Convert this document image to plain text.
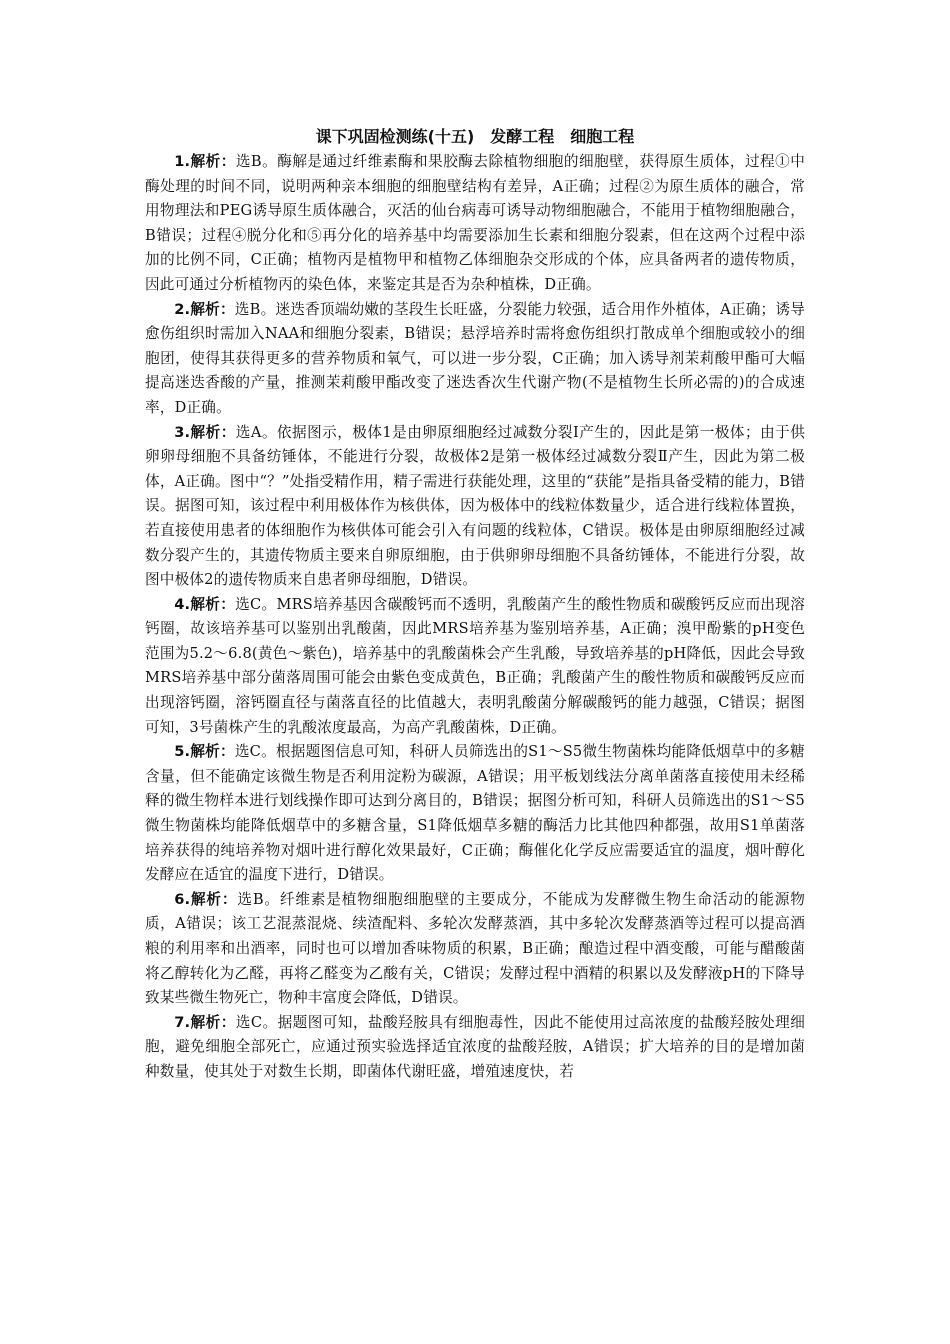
课下巩固检测练(十五)　发酵工程　细胞工程

1.解析：选B。酶解是通过纤维素酶和果胶酶去除植物细胞的细胞壁，获得原生质体，过程①中酶处理的时间不同，说明两种亲本细胞的细胞壁结构有差异，A正确；过程②为原生质体的融合，常用物理法和PEG诱导原生质体融合，灭活的仙台病毒可诱导动物细胞融合，不能用于植物细胞融合，B错误；过程④脱分化和⑤再分化的培养基中均需要添加生长素和细胞分裂素，但在这两个过程中添加的比例不同，C正确；植物丙是植物甲和植物乙体细胞杂交形成的个体，应具备两者的遗传物质，因此可通过分析植物丙的染色体，来鉴定其是否为杂种植株，D正确。

2.解析：选B。迷迭香顶端幼嫩的茎段生长旺盛，分裂能力较强，适合用作外植体，A正确；诱导愈伤组织时需加入NAA和细胞分裂素，B错误；悬浮培养时需将愈伤组织打散成单个细胞或较小的细胞团，使得其获得更多的营养物质和氧气，可以进一步分裂，C正确；加入诱导剂茉莉酸甲酯可大幅提高迷迭香酸的产量，推测茉莉酸甲酯改变了迷迭香次生代谢产物(不是植物生长所必需的)的合成速率，D正确。

3.解析：选A。依据图示，极体1是由卵原细胞经过减数分裂Ⅰ产生的，因此是第一极体；由于供卵卵母细胞不具备纺锤体，不能进行分裂，故极体2是第一极体经过减数分裂Ⅱ产生，因此为第二极体，A正确。图中“？”处指受精作用，精子需进行获能处理，这里的“获能”是指具备受精的能力，B错误。据图可知，该过程中利用极体作为核供体，因为极体中的线粒体数量少，适合进行线粒体置换，若直接使用患者的体细胞作为核供体可能会引入有问题的线粒体，C错误。极体是由卵原细胞经过减数分裂产生的，其遗传物质主要来自卵原细胞，由于供卵卵母细胞不具备纺锤体，不能进行分裂，故图中极体2的遗传物质来自患者卵母细胞，D错误。

4.解析：选C。MRS培养基因含碳酸钙而不透明，乳酸菌产生的酸性物质和碳酸钙反应而出现溶钙圈，故该培养基可以鉴别出乳酸菌，因此MRS培养基为鉴别培养基，A正确；溴甲酚紫的pH变色范围为5.2～6.8(黄色～紫色)，培养基中的乳酸菌株会产生乳酸，导致培养基的pH降低，因此会导致MRS培养基中部分菌落周围可能会由紫色变成黄色，B正确；乳酸菌产生的酸性物质和碳酸钙反应而出现溶钙圈，溶钙圈直径与菌落直径的比值越大，表明乳酸菌分解碳酸钙的能力越强，C错误；据图可知，3号菌株产生的乳酸浓度最高，为高产乳酸菌株，D正确。

5.解析：选C。根据题图信息可知，科研人员筛选出的S1～S5微生物菌株均能降低烟草中的多糖含量，但不能确定该微生物是否利用淀粉为碳源，A错误；用平板划线法分离单菌落直接使用未经稀释的微生物样本进行划线操作即可达到分离目的，B错误；据图分析可知，科研人员筛选出的S1～S5微生物菌株均能降低烟草中的多糖含量，S1降低烟草多糖的酶活力比其他四种都强，故用S1单菌落培养获得的纯培养物对烟叶进行醇化效果最好，C正确；酶催化化学反应需要适宜的温度，烟叶醇化发酵应在适宜的温度下进行，D错误。

6.解析：选B。纤维素是植物细胞细胞壁的主要成分，不能成为发酵微生物生命活动的能源物质，A错误；该工艺混蒸混烧、续渣配料、多轮次发酵蒸酒，其中多轮次发酵蒸酒等过程可以提高酒粮的利用率和出酒率，同时也可以增加香味物质的积累，B正确；酿造过程中酒变酸，可能与醋酸菌将乙醇转化为乙醛，再将乙醛变为乙酸有关，C错误；发酵过程中酒精的积累以及发酵液pH的下降导致某些微生物死亡，物种丰富度会降低，D错误。

7.解析：选C。据题图可知，盐酸羟胺具有细胞毒性，因此不能使用过高浓度的盐酸羟胺处理细胞，避免细胞全部死亡，应通过预实验选择适宜浓度的盐酸羟胺，A错误；扩大培养的目的是增加菌种数量，使其处于对数生长期，即菌体代谢旺盛，增殖速度快，若
